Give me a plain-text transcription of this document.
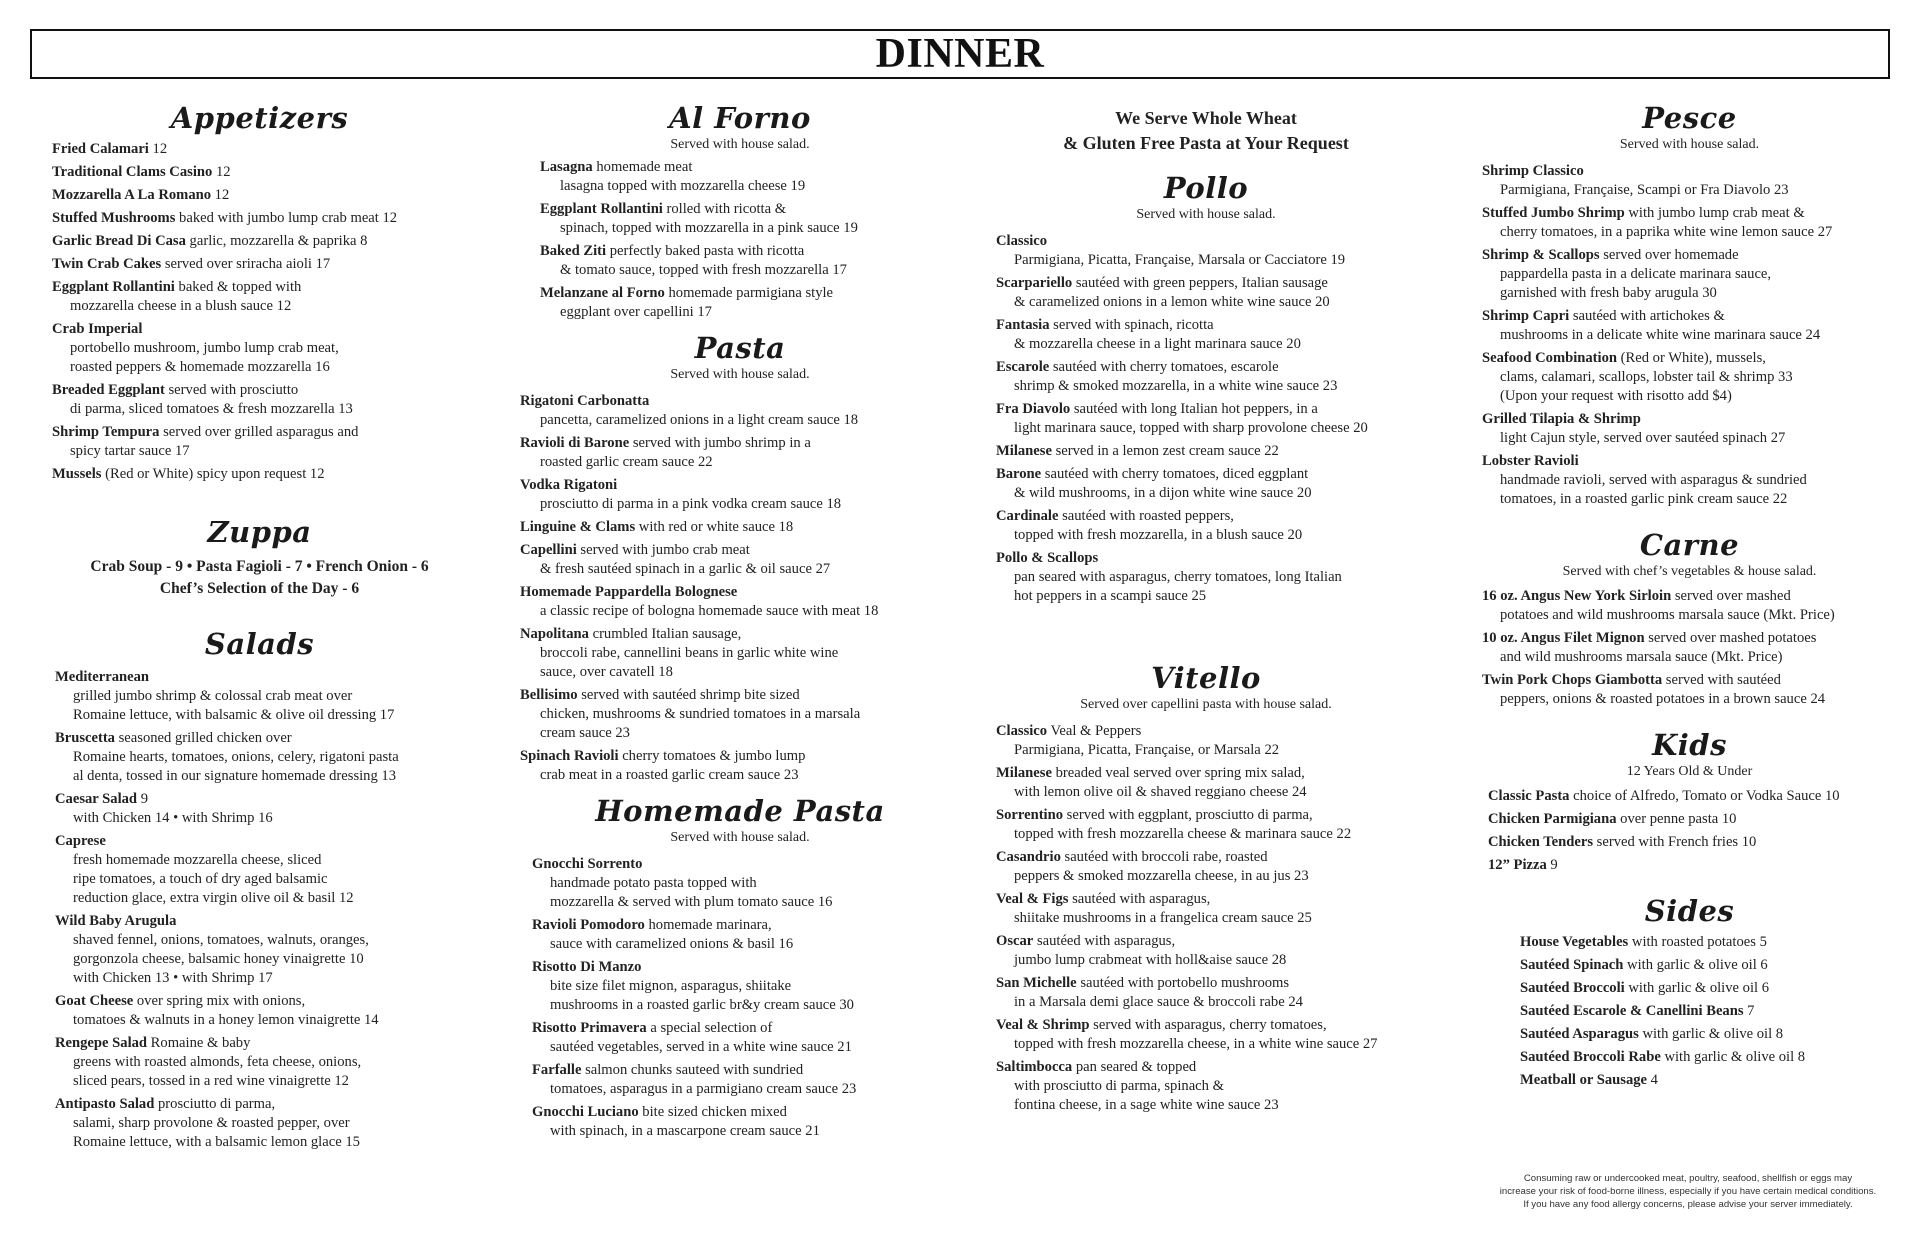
DINNER
Appetizers
Fried Calamari 12
Traditional Clams Casino 12
Mozzarella A La Romano 12
Stuffed Mushrooms baked with jumbo lump crab meat 12
Garlic Bread Di Casa garlic, mozzarella & paprika 8
Twin Crab Cakes served over sriracha aioli 17
Eggplant Rollantini baked & topped with
mozzarella cheese in a blush sauce 12
Crab Imperial
portobello mushroom, jumbo lump crab meat,
roasted peppers & homemade mozzarella 16
Breaded Eggplant served with prosciutto
di parma, sliced tomatoes & fresh mozzarella 13
Shrimp Tempura served over grilled asparagus and
spicy tartar sauce 17
Mussels (Red or White) spicy upon request 12
Zuppa
Crab Soup - 9 • Pasta Fagioli - 7 • French Onion - 6
Chef’s Selection of the Day - 6
Salads
Mediterranean
grilled jumbo shrimp & colossal crab meat over
Romaine lettuce, with balsamic & olive oil dressing 17
Bruscetta seasoned grilled chicken over
Romaine hearts, tomatoes, onions, celery, rigatoni pasta
al denta, tossed in our signature homemade dressing 13
Caesar Salad 9
with Chicken 14 • with Shrimp 16
Caprese
fresh homemade mozzarella cheese, sliced
ripe tomatoes, a touch of dry aged balsamic
reduction glace, extra virgin olive oil & basil 12
Wild Baby Arugula
shaved fennel, onions, tomatoes, walnuts, oranges,
gorgonzola cheese, balsamic honey vinaigrette 10
with Chicken 13 • with Shrimp 17
Goat Cheese over spring mix with onions,
tomatoes & walnuts in a honey lemon vinaigrette 14
Rengepe Salad Romaine & baby
greens with roasted almonds, feta cheese, onions,
sliced pears, tossed in a red wine vinaigrette 12
Antipasto Salad prosciutto di parma,
salami, sharp provolone & roasted pepper, over
Romaine lettuce, with a balsamic lemon glace 15
Al Forno
Served with house salad.
Lasagna homemade meat
lasagna topped with mozzarella cheese 19
Eggplant Rollantini rolled with ricotta &
spinach, topped with mozzarella in a pink sauce 19
Baked Ziti perfectly baked pasta with ricotta
& tomato sauce, topped with fresh mozzarella 17
Melanzane al Forno homemade parmigiana style
eggplant over capellini 17
Pasta
Served with house salad.
Rigatoni Carbonatta
pancetta, caramelized onions in a light cream sauce 18
Ravioli di Barone served with jumbo shrimp in a
roasted garlic cream sauce 22
Vodka Rigatoni
prosciutto di parma in a pink vodka cream sauce 18
Linguine & Clams with red or white sauce 18
Capellini served with jumbo crab meat
& fresh sautéed spinach in a garlic & oil sauce 27
Homemade Pappardella Bolognese
a classic recipe of bologna homemade sauce with meat 18
Napolitana crumbled Italian sausage,
broccoli rabe, cannellini beans in garlic white wine
sauce, over cavatell 18
Bellisimo served with sautéed shrimp bite sized
chicken, mushrooms & sundried tomatoes in a marsala
cream sauce 23
Spinach Ravioli cherry tomatoes & jumbo lump
crab meat in a roasted garlic cream sauce 23
Homemade Pasta
Served with house salad.
Gnocchi Sorrento
handmade potato pasta topped with
mozzarella & served with plum tomato sauce 16
Ravioli Pomodoro homemade marinara,
sauce with caramelized onions & basil 16
Risotto Di Manzo
bite size filet mignon, asparagus, shiitake
mushrooms in a roasted garlic br&y cream sauce 30
Risotto Primavera a special selection of
sautéed vegetables, served in a white wine sauce 21
Farfalle salmon chunks sauteed with sundried
tomatoes, asparagus in a parmigiano cream sauce 23
Gnocchi Luciano bite sized chicken mixed
with spinach, in a mascarpone cream sauce 21
We Serve Whole Wheat
& Gluten Free Pasta at Your Request
Pollo
Served with house salad.
Classico
Parmigiana, Picatta, Française, Marsala or Cacciatore 19
Scarpariello sautéed with green peppers, Italian sausage
& caramelized onions in a lemon white wine sauce 20
Fantasia served with spinach, ricotta
& mozzarella cheese in a light marinara sauce 20
Escarole sautéed with cherry tomatoes, escarole
shrimp & smoked mozzarella, in a white wine sauce 23
Fra Diavolo sautéed with long Italian hot peppers, in a
light marinara sauce, topped with sharp provolone cheese 20
Milanese served in a lemon zest cream sauce 22
Barone sautéed with cherry tomatoes, diced eggplant
& wild mushrooms, in a dijon white wine sauce 20
Cardinale sautéed with roasted peppers,
topped with fresh mozzarella, in a blush sauce 20
Pollo & Scallops
pan seared with asparagus, cherry tomatoes, long Italian
hot peppers in a scampi sauce 25
Vitello
Served over capellini pasta with house salad.
Classico Veal & Peppers
Parmigiana, Picatta, Française, or Marsala 22
Milanese breaded veal served over spring mix salad,
with lemon olive oil & shaved reggiano cheese 24
Sorrentino served with eggplant, prosciutto di parma,
topped with fresh mozzarella cheese & marinara sauce 22
Casandrio sautéed with broccoli rabe, roasted
peppers & smoked mozzarella cheese, in au jus 23
Veal & Figs sautéed with asparagus,
shiitake mushrooms in a frangelica cream sauce 25
Oscar sautéed with asparagus,
jumbo lump crabmeat with holl&aise sauce 28
San Michelle sautéed with portobello mushrooms
in a Marsala demi glace sauce & broccoli rabe 24
Veal & Shrimp served with asparagus, cherry tomatoes,
topped with fresh mozzarella cheese, in a white wine sauce 27
Saltimbocca pan seared & topped
with prosciutto di parma, spinach &
fontina cheese, in a sage white wine sauce 23
Pesce
Served with house salad.
Shrimp Classico
Parmigiana, Française, Scampi or Fra Diavolo 23
Stuffed Jumbo Shrimp with jumbo lump crab meat &
cherry tomatoes, in a paprika white wine lemon sauce 27
Shrimp & Scallops served over homemade
pappardella pasta in a delicate marinara sauce,
garnished with fresh baby arugula 30
Shrimp Capri sautéed with artichokes &
mushrooms in a delicate white wine marinara sauce 24
Seafood Combination (Red or White), mussels,
clams, calamari, scallops, lobster tail & shrimp 33
(Upon your request with risotto add $4)
Grilled Tilapia & Shrimp
light Cajun style, served over sautéed spinach 27
Lobster Ravioli
handmade ravioli, served with asparagus & sundried
tomatoes, in a roasted garlic pink cream sauce 22
Carne
Served with chef’s vegetables & house salad.
16 oz. Angus New York Sirloin served over mashed
potatoes and wild mushrooms marsala sauce (Mkt. Price)
10 oz. Angus Filet Mignon served over mashed potatoes
and wild mushrooms marsala sauce (Mkt. Price)
Twin Pork Chops Giambotta served with sautéed
peppers, onions & roasted potatoes in a brown sauce 24
Kids
12 Years Old & Under
Classic Pasta choice of Alfredo, Tomato or Vodka Sauce 10
Chicken Parmigiana over penne pasta 10
Chicken Tenders served with French fries 10
12” Pizza 9
Sides
House Vegetables with roasted potatoes 5
Sautéed Spinach with garlic & olive oil 6
Sautéed Broccoli with garlic & olive oil 6
Sautéed Escarole & Canellini Beans 7
Sautéed Asparagus with garlic & olive oil 8
Sautéed Broccoli Rabe with garlic & olive oil 8
Meatball or Sausage 4
Consuming raw or undercooked meat, poultry, seafood, shellfish or eggs may
increase your risk of food-borne illness, especially if you have certain medical conditions.
If you have any food allergy concerns, please advise your server immediately.
